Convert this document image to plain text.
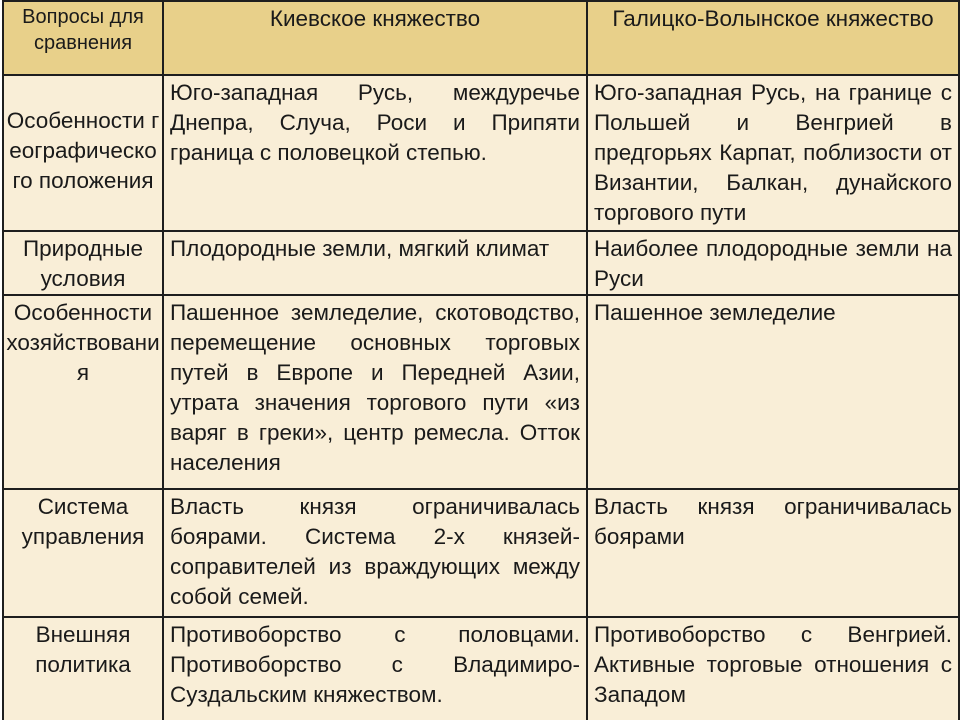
Вопросы для сравнения	Киевское княжество	Галицко-Волынское княжество

Особенности географического положения	Юго-западная Русь, междуречье Днепра, Случа, Роси и Припяти граница с половецкой степью.	Юго-западная Русь, на границе с Польшей и Венгрией в предгорьях Карпат, поблизости от Византии, Балкан, дунайского торгового пути

Природные условия	Плодородные земли, мягкий климат	Наиболее плодородные земли на Руси

Особенности хозяйствования	Пашенное земледелие, скотоводство, перемещение основных торговых путей в Европе и Передней Азии, утрата значения торгового пути «из варяг в греки», центр ремесла. Отток населения	Пашенное земледелие

Система управления	Власть князя ограничивалась боярами. Система 2-х князей-соправителей из враждующих между собой семей.	Власть князя ограничивалась боярами

Внешняя политика	Противоборство с половцами. Противоборство с Владимиро-Суздальским княжеством.	Противоборство с Венгрией. Активные торговые отношения с Западом
